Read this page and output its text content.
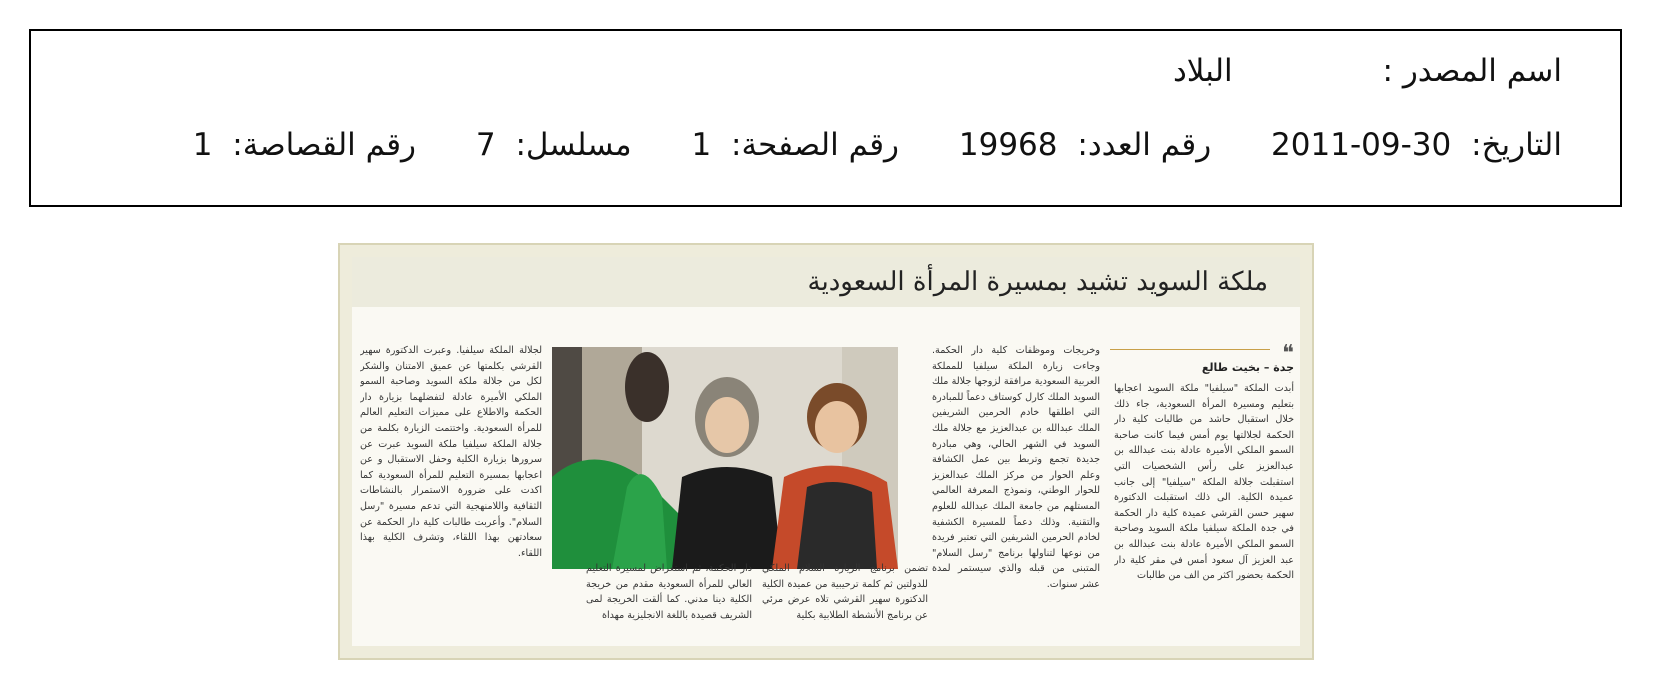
اسم المصدر : البلاد
التاريخ: 2011-09-30 رقم العدد: 19968 رقم الصفحة: 1 مسلسل: 7 رقم القصاصة: 1
ملكة السويد تشيد بمسيرة المرأة السعودية
❝
جدة – بخيت طالع

أبدت الملكة "سيلفيا" ملكة السويد اعجابها بتعليم ومسيرة المرأة السعودية، جاء ذلك خلال استقبال حاشد من طالبات كلية دار الحكمة لجلالتها يوم أمس فيما كانت صاحبة السمو الملكي الأميرة عادلة بنت عبدالله بن عبدالعزيز على رأس الشخصيات التي استقبلت جلالة الملكة "سيلفيا" إلى جانب عميدة الكلية. الى ذلك استقبلت الدكتورة سهير حسن القرشي عميدة كلية دار الحكمة في جدة الملكة سيلفيا ملكة السويد وصاحبة السمو الملكي الأميرة عادلة بنت عبدالله بن عبد العزيز آل سعود أمس في مقر كلية دار الحكمة بحضور اكثر من الف من طالبات

وخريجات وموظفات كلية دار الحكمة. وجاءت زيارة الملكة سيلفيا للمملكة العربية السعودية مرافقة لزوجها جلالة ملك السويد الملك كارل كوستاف دعماً للمبادرة التي اطلقها خادم الحرمين الشريفين الملك عبدالله بن عبدالعزيز مع جلالة ملك السويد في الشهر الحالي، وهي مبادرة جديدة تجمع وتربط بين عمل الكشافة وعلم الحوار من مركز الملك عبدالعزيز للحوار الوطني، ونموذج المعرفة العالمي المستلهم من جامعة الملك عبدالله للعلوم والتقنية. وذلك دعماً للمسيرة الكشفية لخادم الحرمين الشريفين التي تعتبر فريدة من نوعها لتناولها برنامج "رسل السلام" المتبنى من قبله والذي سيستمر لمدة عشر سنوات.

تضمن برنامج الزيارة السلام الملكي للدولتين ثم كلمة ترحيبية من عميدة الكلية الدكتورة سهير القرشي تلاه عرض مرئي عن برنامج الأنشطة الطلابية بكلية

دار الحكمة، ثم استعراض لمسيرة التعليم العالي للمرأة السعودية مقدم من خريجة الكلية دينا مدني. كما ألقت الخريجة لمى الشريف قصيدة باللغة الانجليزية مهداة

لجلالة الملكة سيلفيا. وعبرت الدكتورة سهير القرشي بكلمتها عن عميق الامتنان والشكر لكل من جلالة ملكة السويد وصاحبة السمو الملكي الأميرة عادلة لتفضلهما بزيارة دار الحكمة والاطلاع على مميزات التعليم العالم للمرأة السعودية. واختتمت الزيارة بكلمة من جلالة الملكة سيلفيا ملكة السويد عبرت عن سرورها بزيارة الكلية وحفل الاستقبال و عن اعجابها بمسيرة التعليم للمرأة السعودية كما اكدت على ضرورة الاستمرار بالنشاطات الثقافية واللامنهجية التي تدعم مسيرة "رسل السلام". وأعربت طالبات كلية دار الحكمة عن سعادتهن بهذا اللقاء، وتشرف الكلية بهذا اللقاء.
